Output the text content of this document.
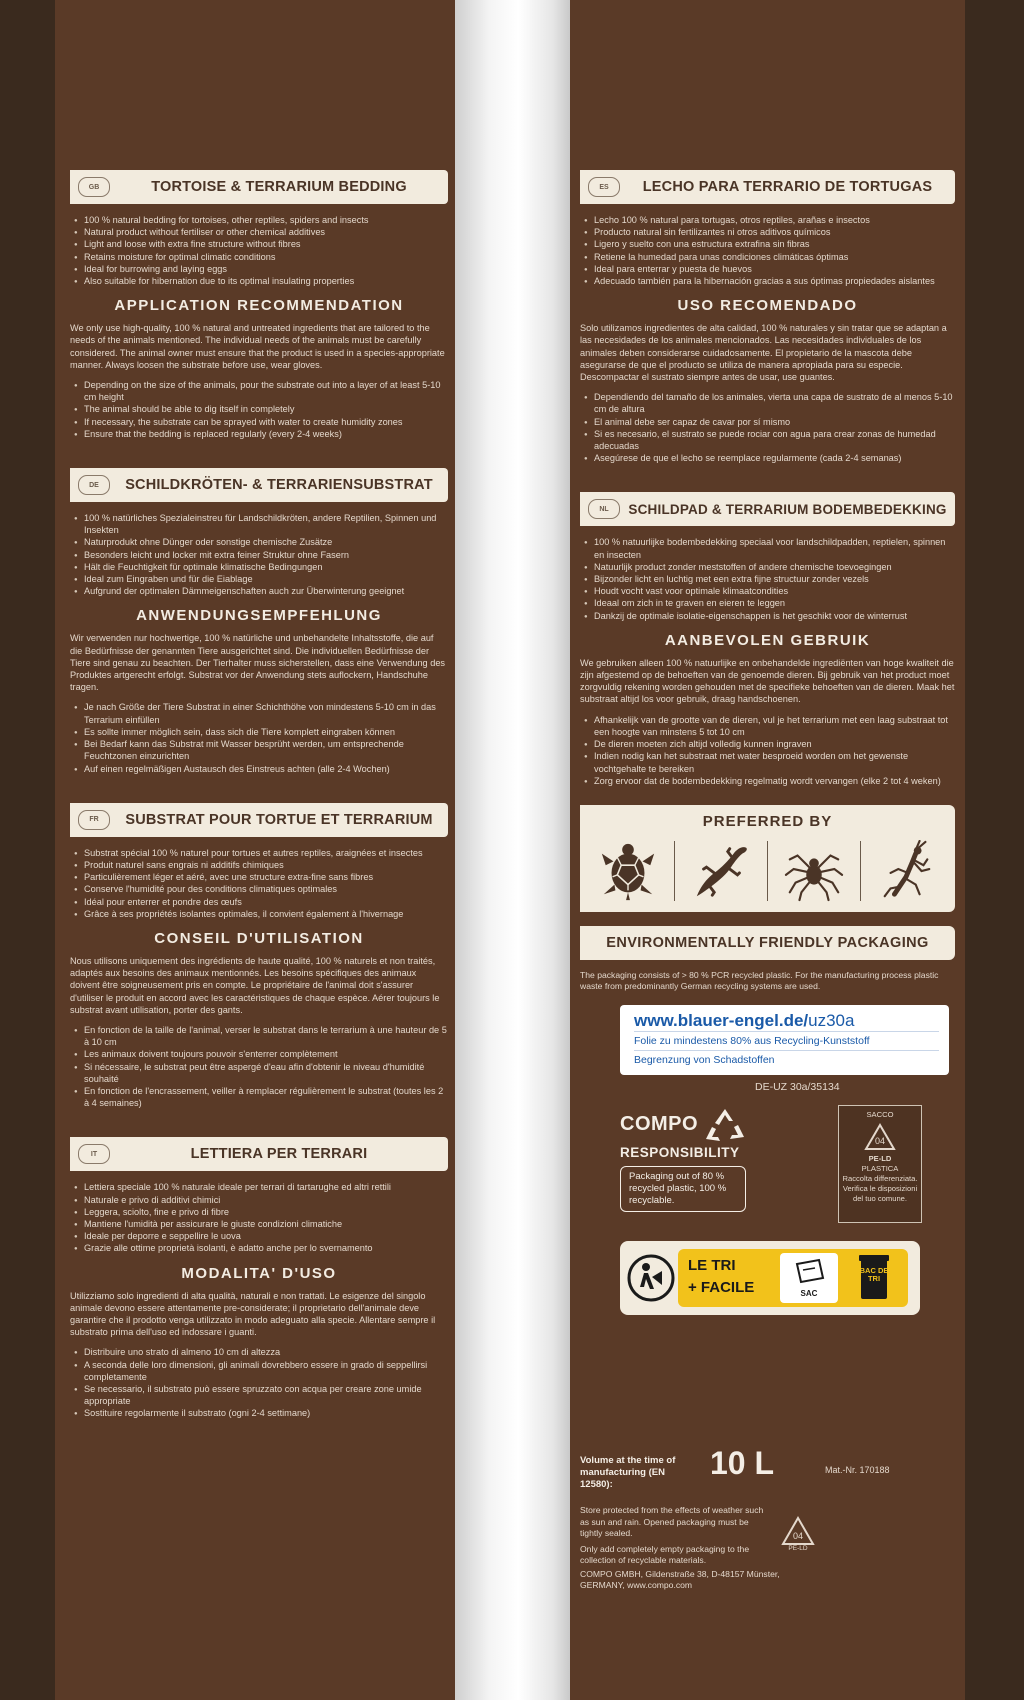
GB	TORTOISE & TERRARIUM BEDDING
● 100 % natural bedding for tortoises, other reptiles, spiders and insects
● Natural product without fertiliser or other chemical additives
● Light and loose with extra fine structure without fibres
● Retains moisture for optimal climatic conditions
● Ideal for burrowing and laying eggs
● Also suitable for hibernation due to its optimal insulating properties
APPLICATION RECOMMENDATION

We only use high-quality, 100 % natural and untreated ingredients that are tailored to the needs of the animals mentioned. The individual needs of the animals must be carefully considered. The animal owner must ensure that the product is used in a species-appropriate manner. Always loosen the substrate before use, wear gloves.

● Depending on the size of the animals, pour the substrate out into a layer of at least 5-10 cm height
● The animal should be able to dig itself in completely
● If necessary, the substrate can be sprayed with water to create humidity zones
● Ensure that the bedding is replaced regularly (every 2-4 weeks)
DE	SCHILDKRÖTEN- & TERRARIENSUBSTRAT
● 100 % natürliches Spezialeinstreu für Landschildkröten, andere Reptilien, Spinnen und Insekten
● Naturprodukt ohne Dünger oder sonstige chemische Zusätze
● Besonders leicht und locker mit extra feiner Struktur ohne Fasern
● Hält die Feuchtigkeit für optimale klimatische Bedingungen
● Ideal zum Eingraben und für die Eiablage
● Aufgrund der optimalen Dämmeigenschaften auch zur Überwinterung geeignet
ANWENDUNGSEMPFEHLUNG

Wir verwenden nur hochwertige, 100 % natürliche und unbehandelte Inhaltsstoffe, die auf die Bedürfnisse der genannten Tiere ausgerichtet sind. Die individuellen Bedürfnisse der Tiere sind genau zu beachten. Der Tierhalter muss sicherstellen, dass eine Verwendung des Produktes artgerecht erfolgt. Substrat vor der Anwendung stets auflockern, Handschuhe tragen.

● Je nach Größe der Tiere Substrat in einer Schichthöhe von mindestens 5-10 cm in das Terrarium einfüllen
● Es sollte immer möglich sein, dass sich die Tiere komplett eingraben können
● Bei Bedarf kann das Substrat mit Wasser besprüht werden, um entsprechende Feuchtzonen einzurichten
● Auf einen regelmäßigen Austausch des Einstreus achten (alle 2-4 Wochen)
FR	SUBSTRAT POUR TORTUE ET TERRARIUM
● Substrat spécial 100 % naturel pour tortues et autres reptiles, araignées et insectes
● Produit naturel sans engrais ni additifs chimiques
● Particulièrement léger et aéré, avec une structure extra-fine sans fibres
● Conserve l'humidité pour des conditions climatiques optimales
● Idéal pour enterrer et pondre des œufs
● Grâce à ses propriétés isolantes optimales, il convient également à l'hivernage
CONSEIL D'UTILISATION

Nous utilisons uniquement des ingrédients de haute qualité, 100 % naturels et non traités, adaptés aux besoins des animaux mentionnés. Les besoins spécifiques des animaux doivent être soigneusement pris en compte. Le propriétaire de l'animal doit s'assurer d'utiliser le produit en accord avec les caractéristiques de chaque espèce. Aérer toujours le substrat avant utilisation, porter des gants.

● En fonction de la taille de l'animal, verser le substrat dans le terrarium à une hauteur de 5 à 10 cm
● Les animaux doivent toujours pouvoir s'enterrer complètement
● Si nécessaire, le substrat peut être aspergé d'eau afin d'obtenir le niveau d'humidité souhaité
● En fonction de l'encrassement, veiller à remplacer régulièrement le substrat (toutes les 2 à 4 semaines)
IT	LETTIERA PER TERRARI
● Lettiera speciale 100 % naturale ideale per terrari di tartarughe ed altri rettili
● Naturale e privo di additivi chimici
● Leggera, sciolto, fine e privo di fibre
● Mantiene l'umidità per assicurare le giuste condizioni climatiche
● Ideale per deporre e seppellire le uova
● Grazie alle ottime proprietà isolanti, è adatto anche per lo svernamento
MODALITA' D'USO

Utilizziamo solo ingredienti di alta qualità, naturali e non trattati. Le esigenze del singolo animale devono essere attentamente pre-considerate; il proprietario dell'animale deve garantire che il prodotto venga utilizzato in modo adeguato alla specie. Allentare sempre il substrato prima dell'uso ed indossare i guanti.

● Distribuire uno strato di almeno 10 cm di altezza
● A seconda delle loro dimensioni, gli animali dovrebbero essere in grado di seppellirsi completamente
● Se necessario, il substrato può essere spruzzato con acqua per creare zone umide appropriate
● Sostituire regolarmente il substrato (ogni 2-4 settimane)
ES	LECHO PARA TERRARIO DE TORTUGAS
● Lecho 100 % natural para tortugas, otros reptiles, arañas e insectos
● Producto natural sin fertilizantes ni otros aditivos químicos
● Ligero y suelto con una estructura extrafina sin fibras
● Retiene la humedad para unas condiciones climáticas óptimas
● Ideal para enterrar y puesta de huevos
● Adecuado también para la hibernación gracias a sus óptimas propiedades aislantes
USO RECOMENDADO

Solo utilizamos ingredientes de alta calidad, 100 % naturales y sin tratar que se adaptan a las necesidades de los animales mencionados. Las necesidades individuales de los animales deben considerarse cuidadosamente. El propietario de la mascota debe asegurarse de que el producto se utiliza de manera apropiada para su especie. Descompactar el sustrato siempre antes de usar, use guantes.

● Dependiendo del tamaño de los animales, vierta una capa de sustrato de al menos 5-10 cm de altura
● El animal debe ser capaz de cavar por sí mismo
● Si es necesario, el sustrato se puede rociar con agua para crear zonas de humedad adecuadas
● Asegúrese de que el lecho se reemplace regularmente (cada 2-4 semanas)
NL	SCHILDPAD & TERRARIUM BODEMBEDEKKING
● 100 % natuurlijke bodembedekking speciaal voor landschildpadden, reptielen, spinnen en insecten
● Natuurlijk product zonder meststoffen of andere chemische toevoegingen
● Bijzonder licht en luchtig met een extra fijne structuur zonder vezels
● Houdt vocht vast voor optimale klimaatcondities
● Ideaal om zich in te graven en eieren te leggen
● Dankzij de optimale isolatie-eigenschappen is het geschikt voor de winterrust
AANBEVOLEN GEBRUIK

We gebruiken alleen 100 % natuurlijke en onbehandelde ingrediënten van hoge kwaliteit die zijn afgestemd op de behoeften van de genoemde dieren. Bij gebruik van het product moet zorgvuldig rekening worden gehouden met de specifieke behoeften van de dieren. Maak het substraat altijd los voor gebruik, draag handschoenen.

● Afhankelijk van de grootte van de dieren, vul je het terrarium met een laag substraat tot een hoogte van minstens 5 tot 10 cm
● De dieren moeten zich altijd volledig kunnen ingraven
● Indien nodig kan het substraat met water besproeid worden om het gewenste vochtgehalte te bereiken
● Zorg ervoor dat de bodembedekking regelmatig wordt vervangen (elke 2 tot 4 weken)
PREFERRED BY
ENVIRONMENTALLY FRIENDLY PACKAGING
The packaging consists of > 80 % PCR recycled plastic. For the manufacturing process plastic waste from predominantly German recycling systems are used.
www.blauer-engel.de/uz30a
Folie zu mindestens 80% aus Recycling-Kunststoff
Begrenzung von Schadstoffen
DE-UZ 30a/35134
COMPO
RESPONSIBILITY
Packaging out of 80 % recycled plastic, 100 % recyclable.
SACCO
04
PE-LD
PLASTICA
Raccolta differenziata.
Verifica le disposizioni del tuo comune.
LE TRI
+ FACILE	SAC
BAC DE TRI
Volume at the time of manufacturing (EN 12580):
10 L	Mat.-Nr. 170188
Store protected from the effects of weather such as sun and rain. Opened packaging must be tightly sealed.
Only add completely empty packaging to the collection of recyclable materials.
COMPO GMBH, Gildenstraße 38, D-48157 Münster, GERMANY, www.compo.com
04
PE-LD
